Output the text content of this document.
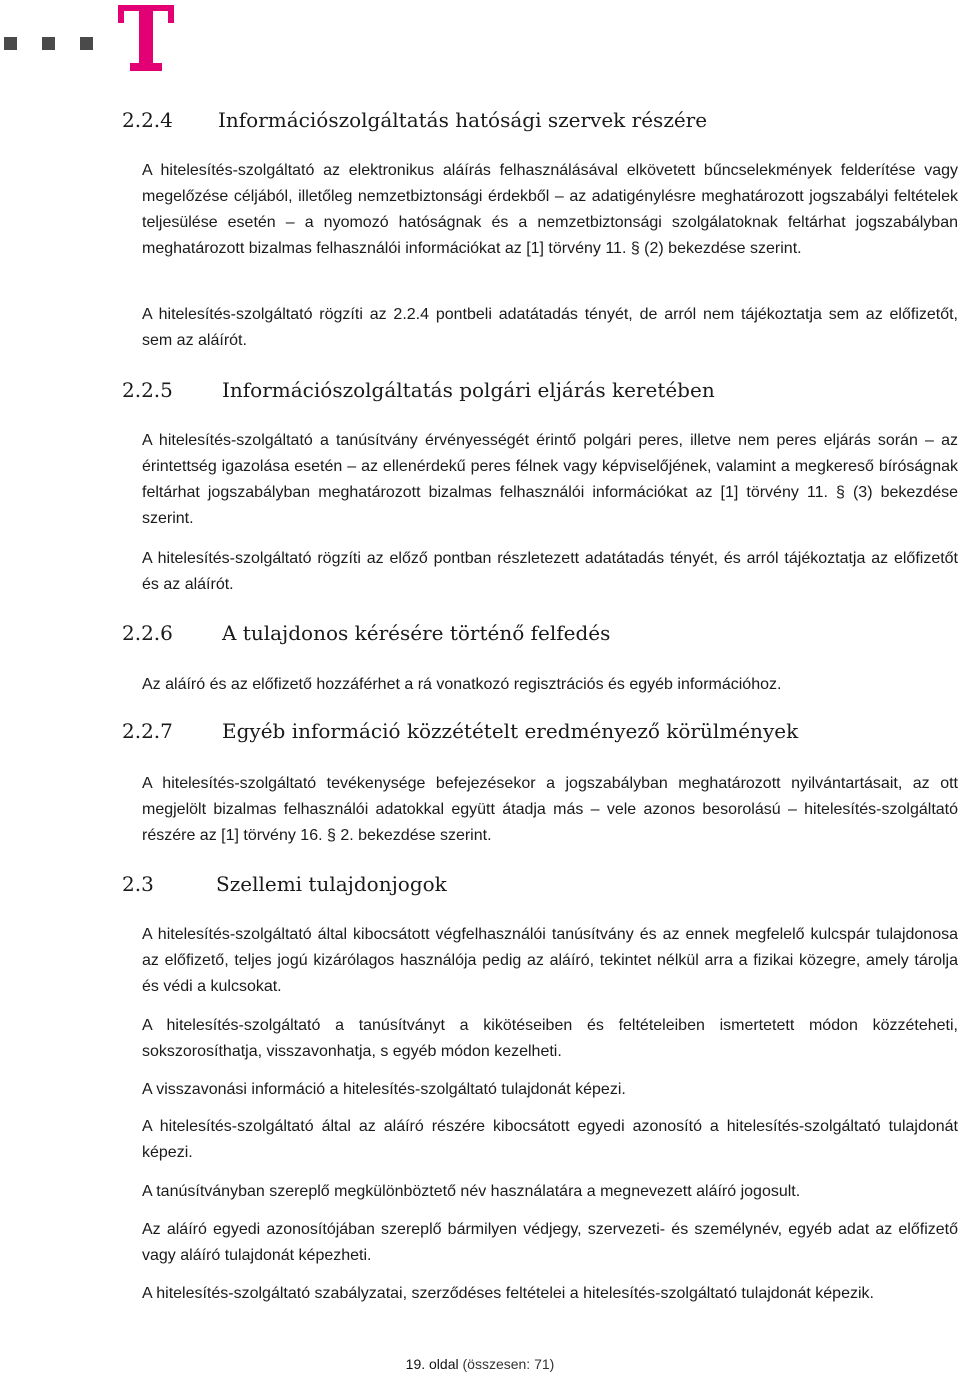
2.2.4 Információszolgáltatás hatósági szervek részére

A hitelesítés-szolgáltató az elektronikus aláírás felhasználásával elkövetett bűncselekmények felderítése vagy megelőzése céljából, illetőleg nemzetbiztonsági érdekből – az adatigénylésre meghatározott jogszabályi feltételek teljesülése esetén – a nyomozó hatóságnak és a nemzetbiztonsági szolgálatoknak feltárhat jogszabályban meghatározott bizalmas felhasználói információkat az [1] törvény 11. § (2) bekezdése szerint.

A hitelesítés-szolgáltató rögzíti az 2.2.4 pontbeli adatátadás tényét, de arról nem tájékoztatja sem az előfizetőt, sem az aláírót.

2.2.5 Információszolgáltatás polgári eljárás keretében

A hitelesítés-szolgáltató a tanúsítvány érvényességét érintő polgári peres, illetve nem peres eljárás során – az érintettség igazolása esetén – az ellenérdekű peres félnek vagy képviselőjének, valamint a megkereső bíróságnak feltárhat jogszabályban meghatározott bizalmas felhasználói információkat az [1] törvény 11. § (3) bekezdése szerint.

A hitelesítés-szolgáltató rögzíti az előző pontban részletezett adatátadás tényét, és arról tájékoztatja az előfizetőt és az aláírót.

2.2.6 A tulajdonos kérésére történő felfedés

Az aláíró és az előfizető hozzáférhet a rá vonatkozó regisztrációs és egyéb információhoz.

2.2.7 Egyéb információ közzétételt eredményező körülmények

A hitelesítés-szolgáltató tevékenysége befejezésekor a jogszabályban meghatározott nyilvántartásait, az ott megjelölt bizalmas felhasználói adatokkal együtt átadja más – vele azonos besorolású – hitelesítés-szolgáltató részére az [1] törvény 16. § 2. bekezdése szerint.

2.3	Szellemi tulajdonjogok

A hitelesítés-szolgáltató által kibocsátott végfelhasználói tanúsítvány és az ennek megfelelő kulcspár tulajdonosa az előfizető, teljes jogú kizárólagos használója pedig az aláíró, tekintet nélkül arra a fizikai közegre, amely tárolja és védi a kulcsokat.

A hitelesítés-szolgáltató a tanúsítványt a kikötéseiben és feltételeiben ismertetett módon közzéteheti, sokszorosíthatja, visszavonhatja, s egyéb módon kezelheti.

A visszavonási információ a hitelesítés-szolgáltató tulajdonát képezi.

A hitelesítés-szolgáltató által az aláíró részére kibocsátott egyedi azonosító a hitelesítés-szolgáltató tulajdonát képezi.

A tanúsítványban szereplő megkülönböztető név használatára a megnevezett aláíró jogosult.

Az aláíró egyedi azonosítójában szereplő bármilyen védjegy, szervezeti- és személynév, egyéb adat az előfizető vagy aláíró tulajdonát képezheti.

A hitelesítés-szolgáltató szabályzatai, szerződéses feltételei a hitelesítés-szolgáltató tulajdonát képezik.

19. oldal (összesen: 71)
